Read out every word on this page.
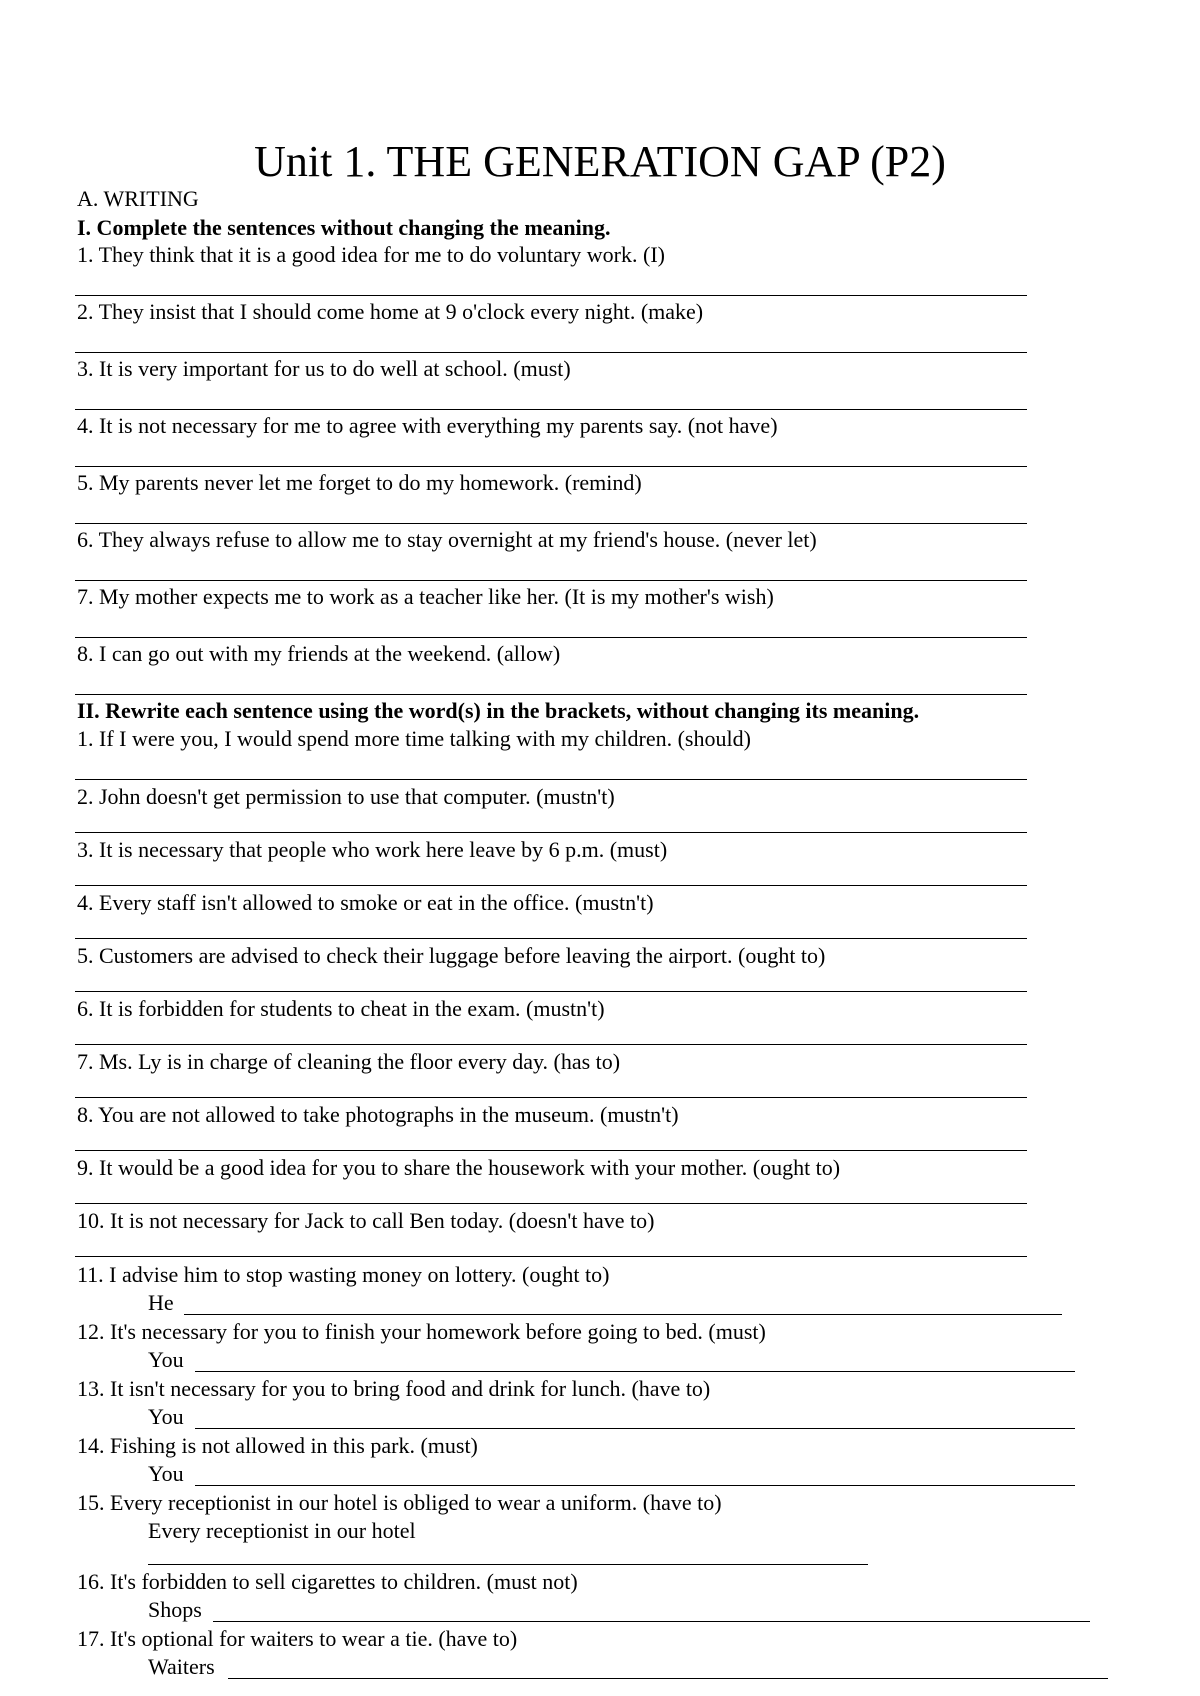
Unit 1. THE GENERATION GAP (P2)
A. WRITING
I. Complete the sentences without changing the meaning.
1. They think that it is a good idea for me to do voluntary work. (I)
2. They insist that I should come home at 9 o'clock every night. (make)
3. It is very important for us to do well at school. (must)
4. It is not necessary for me to agree with everything my parents say. (not have)
5. My parents never let me forget to do my homework. (remind)
6. They always refuse to allow me to stay overnight at my friend's house. (never let)
7. My mother expects me to work as a teacher like her. (It is my mother's wish)
8. I can go out with my friends at the weekend. (allow)
II. Rewrite each sentence using the word(s) in the brackets, without changing its meaning.
1. If I were you, I would spend more time talking with my children. (should)
2. John doesn't get permission to use that computer. (mustn't)
3. It is necessary that people who work here leave by 6 p.m. (must)
4. Every staff isn't allowed to smoke or eat in the office. (mustn't)
5. Customers are advised to check their luggage before leaving the airport. (ought to)
6. It is forbidden for students to cheat in the exam. (mustn't)
7. Ms. Ly is in charge of cleaning the floor every day. (has to)
8. You are not allowed to take photographs in the museum. (mustn't)
9. It would be a good idea for you to share the housework with your mother. (ought to)
10. It is not necessary for Jack to call Ben today. (doesn't have to)
11. I advise him to stop wasting money on lottery. (ought to)
He
12. It's necessary for you to finish your homework before going to bed. (must)
You
13. It isn't necessary for you to bring food and drink for lunch. (have to)
You
14. Fishing is not allowed in this park. (must)
You
15. Every receptionist in our hotel is obliged to wear a uniform. (have to)
Every receptionist in our hotel
16. It's forbidden to sell cigarettes to children. (must not)
Shops
17. It's optional for waiters to wear a tie. (have to)
Waiters
